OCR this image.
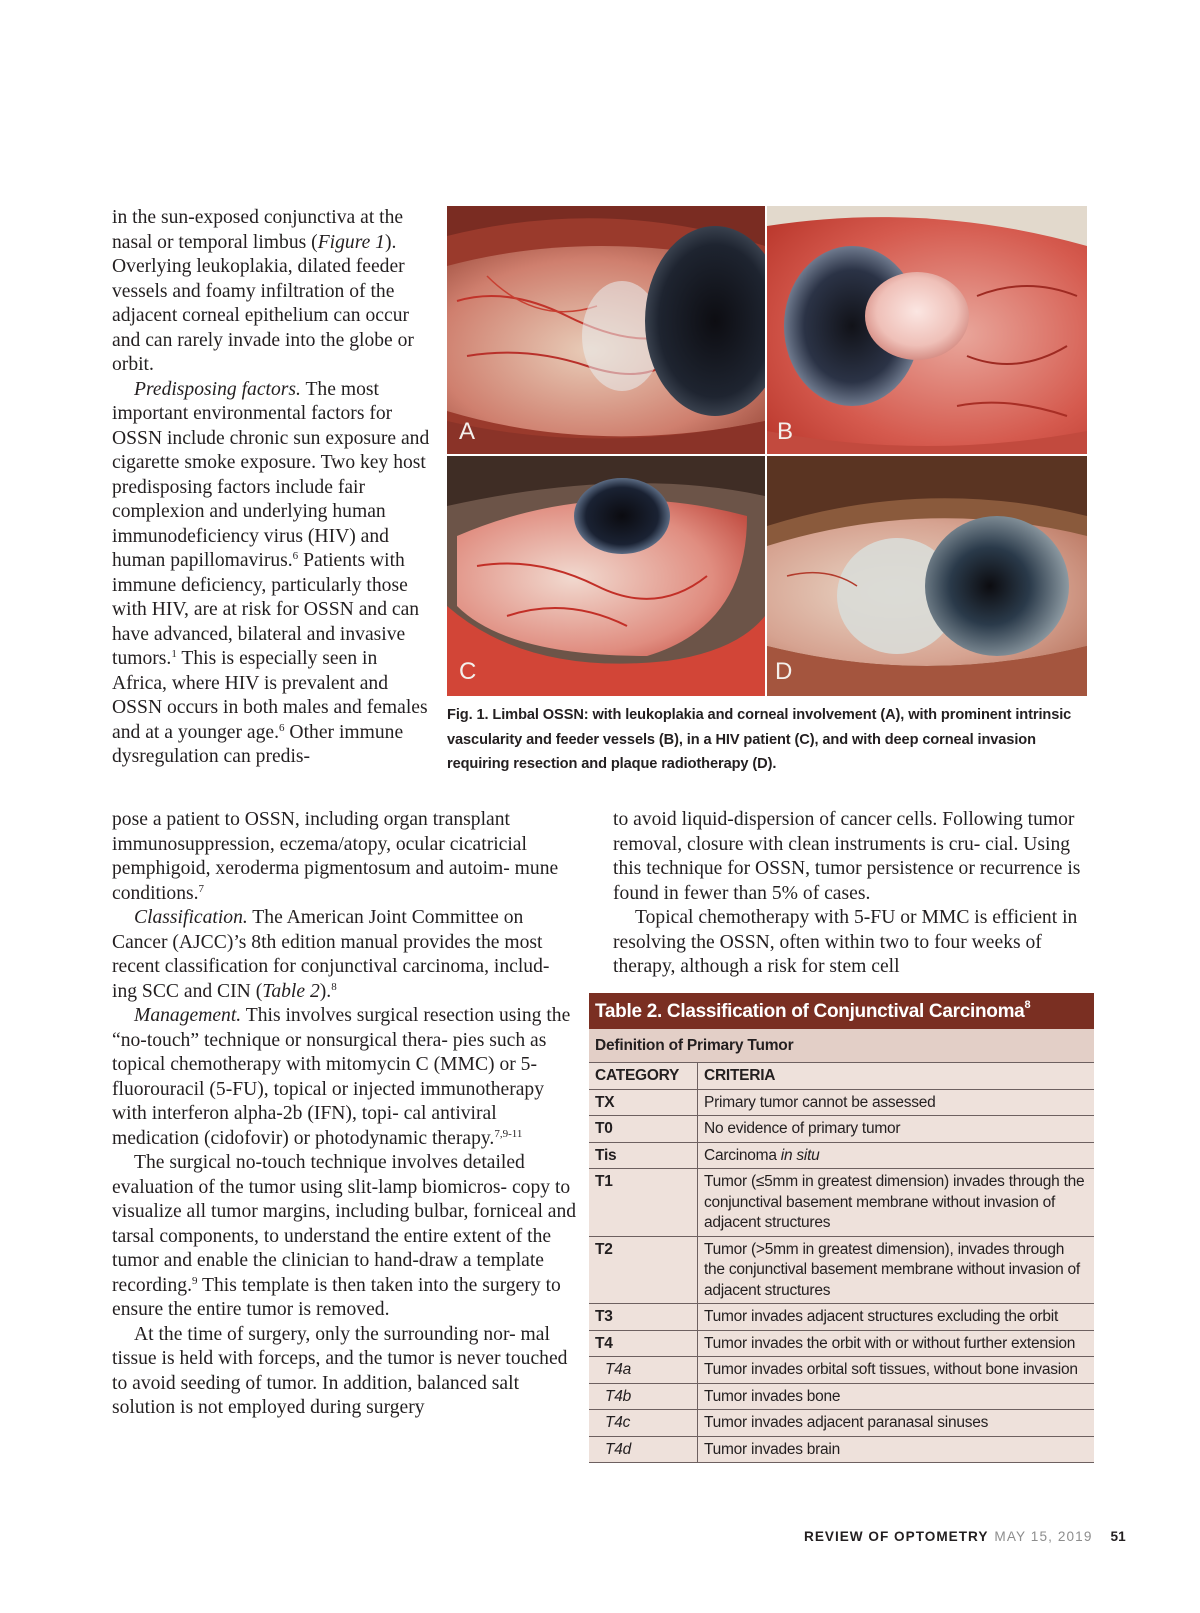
in the sun-exposed conjunctiva at the nasal or temporal limbus (Figure 1). Overlying leukoplakia, dilated feeder vessels and foamy infiltration of the adjacent corneal epithelium can occur and can rarely invade into the globe or orbit.

Predisposing factors. The most important environmental factors for OSSN include chronic sun exposure and cigarette smoke exposure. Two key host predisposing factors include fair complexion and underlying human immunodeficiency virus (HIV) and human papillomavirus.$^6$ Patients with immune deficiency, particularly those with HIV, are at risk for OSSN and can have advanced, bilateral and invasive tumors.$^1$ This is especially seen in Africa, where HIV is prevalent and OSSN occurs in both males and females and at a younger age.$^6$ Other immune dysregulation can predis-

A	B
C	D

Fig. 1. Limbal OSSN: with leukoplakia and corneal involvement (A), with prominent intrinsic vascularity and feeder vessels (B), in a HIV patient (C), and with deep corneal invasion requiring resection and plaque radiotherapy (D).

pose a patient to OSSN, including organ transplant immunosuppression, eczema/atopy, ocular cicatricial pemphigoid, xeroderma pigmentosum and autoim- mune conditions.$^7$

Classification. The American Joint Committee on Cancer (AJCC)’s 8th edition manual provides the most recent classification for conjunctival carcinoma, includ- ing SCC and CIN (Table 2).$^8$

Management. This involves surgical resection using the “no-touch” technique or nonsurgical thera- pies such as topical chemotherapy with mitomycin C (MMC) or 5-fluorouracil (5-FU), topical or injected immunotherapy with interferon alpha-2b (IFN), topi- cal antiviral medication (cidofovir) or photodynamic therapy.$^{7,9-11}$

The surgical no-touch technique involves detailed evaluation of the tumor using slit-lamp biomicros- copy to visualize all tumor margins, including bulbar, forniceal and tarsal components, to understand the entire extent of the tumor and enable the clinician to hand-draw a template recording.$^9$ This template is then taken into the surgery to ensure the entire tumor is removed.

At the time of surgery, only the surrounding nor- mal tissue is held with forceps, and the tumor is never touched to avoid seeding of tumor. In addition, balanced salt solution is not employed during surgery

to avoid liquid-dispersion of cancer cells. Following tumor removal, closure with clean instruments is cru- cial. Using this technique for OSSN, tumor persistence or recurrence is found in fewer than 5% of cases.

Topical chemotherapy with 5-FU or MMC is efficient in resolving the OSSN, often within two to four weeks of therapy, although a risk for stem cell

Table 2. Classification of Conjunctival Carcinoma$^8$
Definition of Primary Tumor
CATEGORY	CRITERIA
TX	Primary tumor cannot be assessed
T0	No evidence of primary tumor
Tis	Carcinoma in situ
T1	Tumor (≤5mm in greatest dimension) invades through the conjunctival basement membrane without invasion of adjacent structures
T2	Tumor (>5mm in greatest dimension), invades through the conjunctival basement membrane without invasion of adjacent structures
T3	Tumor invades adjacent structures excluding the orbit
T4	Tumor invades the orbit with or without further extension
T4a	Tumor invades orbital soft tissues, without bone invasion
T4b	Tumor invades bone
T4c	Tumor invades adjacent paranasal sinuses
T4d	Tumor invades brain
REVIEW OF OPTOMETRY MAY 15, 2019 51
